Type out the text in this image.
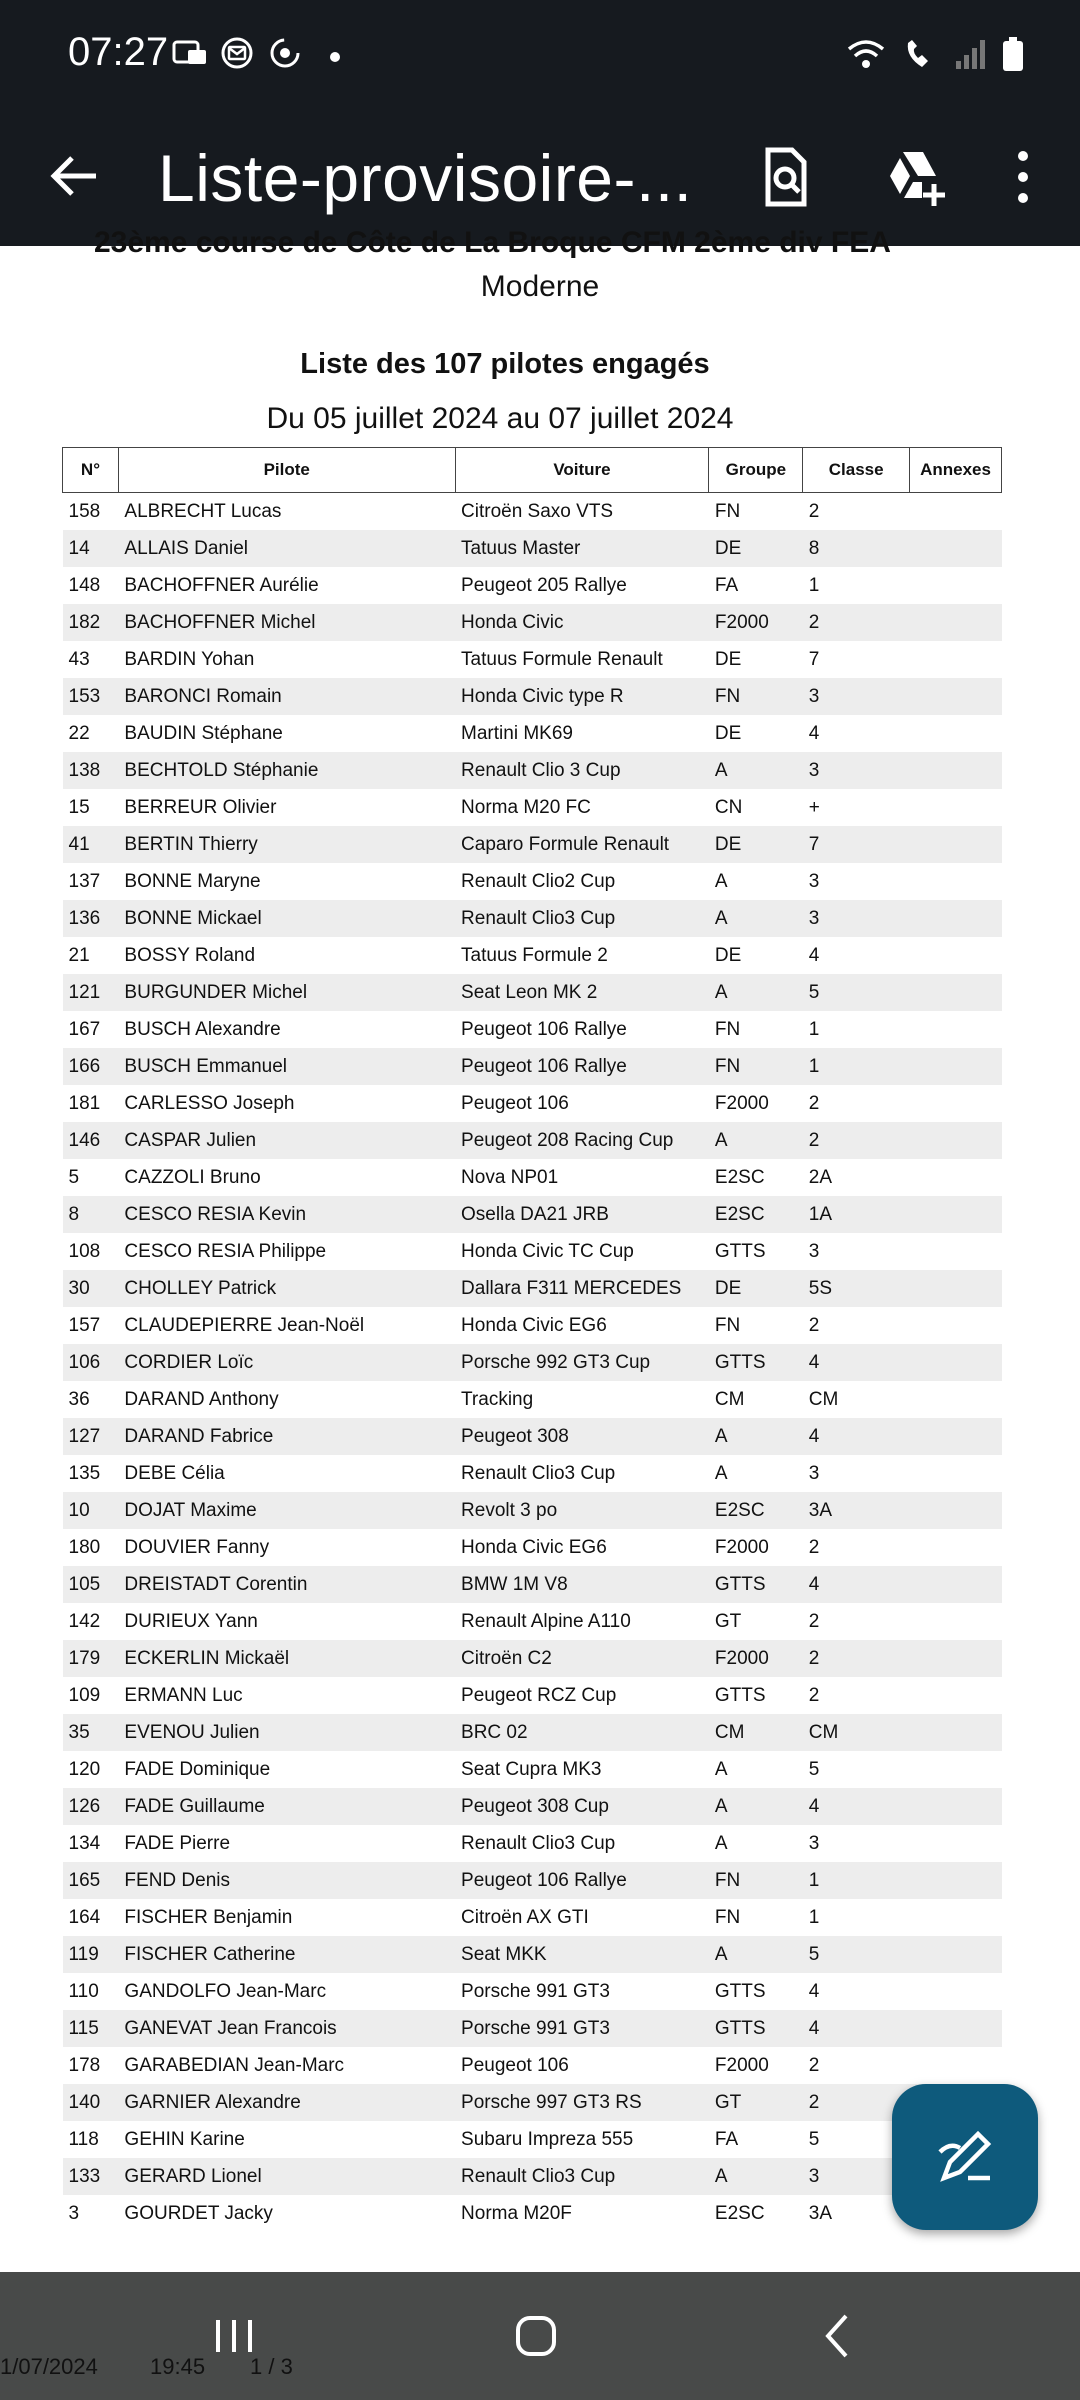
07:27
Liste-provisoire-...
23ème course de Côte de La Broque CFM 2ème div FEA
Moderne
Liste des 107 pilotes engagés
Du 05 juillet 2024 au 07 juillet 2024
N°	Pilote	Voiture	Groupe	Classe	Annexes
158	ALBRECHT Lucas	Citroën Saxo VTS	FN	2	
14	ALLAIS Daniel	Tatuus Master	DE	8	
148	BACHOFFNER Aurélie	Peugeot 205 Rallye	FA	1	
182	BACHOFFNER Michel	Honda Civic	F2000	2	
43	BARDIN Yohan	Tatuus Formule Renault	DE	7	
153	BARONCI Romain	Honda Civic type R	FN	3	
22	BAUDIN Stéphane	Martini MK69	DE	4	
138	BECHTOLD Stéphanie	Renault Clio 3 Cup	A	3	
15	BERREUR Olivier	Norma M20 FC	CN	+	
41	BERTIN Thierry	Caparo Formule Renault	DE	7	
137	BONNE Maryne	Renault Clio2 Cup	A	3	
136	BONNE Mickael	Renault Clio3 Cup	A	3	
21	BOSSY Roland	Tatuus Formule 2	DE	4	
121	BURGUNDER Michel	Seat Leon MK 2	A	5	
167	BUSCH Alexandre	Peugeot 106 Rallye	FN	1	
166	BUSCH Emmanuel	Peugeot 106 Rallye	FN	1	
181	CARLESSO Joseph	Peugeot 106	F2000	2	
146	CASPAR Julien	Peugeot 208 Racing Cup	A	2	
5	CAZZOLI Bruno	Nova NP01	E2SC	2A	
8	CESCO RESIA Kevin	Osella DA21 JRB	E2SC	1A	
108	CESCO RESIA Philippe	Honda Civic TC Cup	GTTS	3	
30	CHOLLEY Patrick	Dallara F311 MERCEDES	DE	5S	
157	CLAUDEPIERRE Jean-Noël	Honda Civic EG6	FN	2	
106	CORDIER Loïc	Porsche 992 GT3 Cup	GTTS	4	
36	DARAND Anthony	Tracking	CM	CM	
127	DARAND Fabrice	Peugeot 308	A	4	
135	DEBE Célia	Renault Clio3 Cup	A	3	
10	DOJAT Maxime	Revolt 3 po	E2SC	3A	
180	DOUVIER Fanny	Honda Civic EG6	F2000	2	
105	DREISTADT Corentin	BMW 1M V8	GTTS	4	
142	DURIEUX Yann	Renault Alpine A110	GT	2	
179	ECKERLIN Mickaël	Citroën C2	F2000	2	
109	ERMANN Luc	Peugeot RCZ Cup	GTTS	2	
35	EVENOU Julien	BRC 02	CM	CM	
120	FADE Dominique	Seat Cupra MK3	A	5	
126	FADE Guillaume	Peugeot 308 Cup	A	4	
134	FADE Pierre	Renault Clio3 Cup	A	3	
165	FEND Denis	Peugeot 106 Rallye	FN	1	
164	FISCHER Benjamin	Citroën AX GTI	FN	1	
119	FISCHER Catherine	Seat MKK	A	5	
110	GANDOLFO Jean-Marc	Porsche 991 GT3	GTTS	4	
115	GANEVAT Jean Francois	Porsche 991 GT3	GTTS	4	
178	GARABEDIAN Jean-Marc	Peugeot 106	F2000	2	
140	GARNIER Alexandre	Porsche 997 GT3 RS	GT	2	
118	GEHIN Karine	Subaru Impreza 555	FA	5	
133	GERARD Lionel	Renault Clio3 Cup	A	3	
3	GOURDET Jacky	Norma M20F	E2SC	3A	
1/07/2024 19:45 1 / 3
